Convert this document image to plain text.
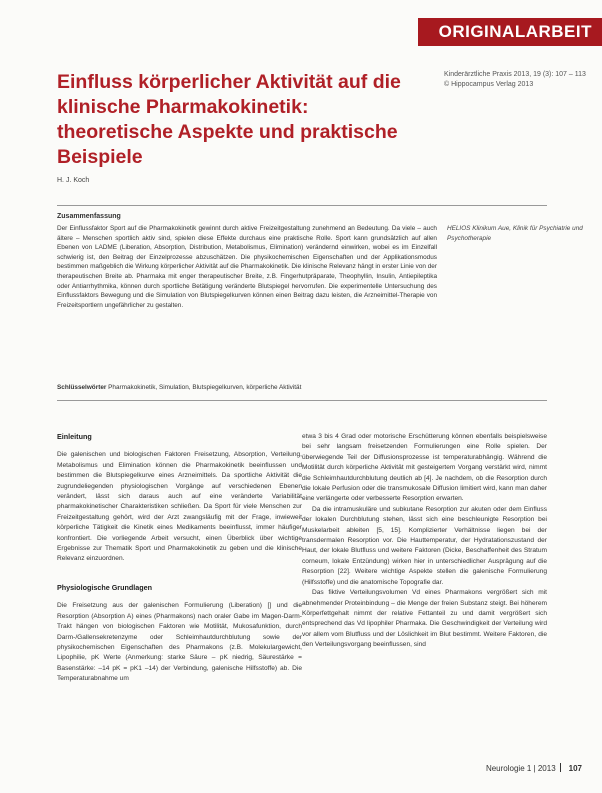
ORIGINALARBEIT
Einfluss körperlicher Aktivität auf die klinische Pharmakokinetik: theoretische Aspekte und praktische Beispiele
Kinderärztliche Praxis 2013, 19 (3): 107 – 113
© Hippocampus Verlag 2013
H. J. Koch
Zusammenfassung
Der Einflussfaktor Sport auf die Pharmakokinetik gewinnt durch aktive Freizeitgestaltung zunehmend an Bedeutung. Da viele – auch ältere – Menschen sportlich aktiv sind, spielen diese Effekte durchaus eine praktische Rolle. Sport kann grundsätzlich auf allen Ebenen von LADME (Liberation, Absorption, Distribution, Metabolismus, Elimination) verändernd einwirken, wobei es im Einzelfall schwierig ist, den Beitrag der Einzelprozesse abzuschätzen. Die physikochemischen Eigenschaften und der Applikationsmodus bestimmen maßgeblich die Wirkung körperlicher Aktivität auf die Pharmakokinetik. Die klinische Relevanz hängt in erster Linie von der therapeutischen Breite ab. Pharmaka mit enger therapeutischer Breite, z.B. Fingerhutpräparate, Theophyllin, Insulin, Antiepileptika oder Antiarrhythmika, können durch sportliche Betätigung veränderte Blutspiegel hervorrufen. Die experimentelle Untersuchung des Einflussfaktors Bewegung und die Simulation von Blutspiegelkurven können einen Beitrag dazu leisten, die Arzneimittel-Therapie von Freizeitsportlern ungefährlicher zu gestalten.
HELIOS Klinikum Aue, Klinik für Psychiatrie und Psychotherapie
Schlüsselwörter Pharmakokinetik, Simulation, Blutspiegelkurven, körperliche Aktivität
Einleitung

Die galenischen und biologischen Faktoren Freisetzung, Absorption, Verteilung, Metabolismus und Elimination können die Pharmakokinetik beeinflussen und bestimmen die Blutspiegelkurve eines Arzneimittels. Da sportliche Aktivität die zugrundeliegenden physiologischen Vorgänge auf verschiedenen Ebenen verändert, lässt sich daraus auch auf eine veränderte Variabilität pharmakokinetischer Charakteristiken schließen. Da Sport für viele Menschen zur Freizeitgestaltung gehört, wird der Arzt zwangsläufig mit der Frage, inwieweit körperliche Tätigkeit die Kinetik eines Medikaments beeinflusst, immer häufiger konfrontiert. Die vorliegende Arbeit versucht, einen Überblick über wichtige Ergebnisse zur Thematik Sport und Pharmakokinetik zu geben und die klinische Relevanz einzuordnen.

Physiologische Grundlagen

Die Freisetzung aus der galenischen Formulierung (Liberation) [] und die Resorption (Absorption A) eines (Pharmakons) nach oraler Gabe im Magen-Darm-Trakt hängen von biologischen Faktoren wie Motilität, Mukosafunktion, durch Darm-/Gallensekretenzyme oder Schleimhautdurchblutung sowie der physikochemischen Eigenschaften des Pharmakons (z.B. Molekulargewicht, Lipophilie, pK Werte (Anmerkung: starke Säure – pK niedrig, Säurestärke = Basenstärke: –14 pK = pK1 –14) der Verbindung, galenische Hilfsstoffe) ab. Die Temperaturabnahme um

etwa 3 bis 4 Grad oder motorische Erschütterung können ebenfalls beispielsweise bei sehr langsam freisetzenden Formulierungen eine Rolle spielen. Der überwiegende Teil der Diffusionsprozesse ist temperaturabhängig. Während die Motilität durch körperliche Aktivität mit gesteigertem Vorgang verstärkt wird, nimmt die Schleimhautdurchblutung deutlich ab [4]. Je nachdem, ob die Resorption durch die lokale Perfusion oder die transmukosale Diffusion limitiert wird, kann man daher eine verlängerte oder verbesserte Resorption erwarten.

Da die intramuskuläre und subkutane Resorption zur akuten oder dem Einfluss der lokalen Durchblutung stehen, lässt sich eine beschleunigte Resorption bei Muskelarbeit ableiten [5, 15]. Komplizierter Verhältnisse liegen bei der transdermalen Resorption vor. Die Hauttemperatur, der Hydratationszustand der Haut, der lokale Blutfluss und weitere Faktoren (Dicke, Beschaffenheit des Stratum corneum, lokale Entzündung) wirken hier in unterschiedlicher Ausprägung auf die Resorption [22]. Weitere wichtige Aspekte stellen die galenische Formulierung (Hilfsstoffe) und die anatomische Topografie dar.

Das fiktive Verteilungsvolumen Vd eines Pharmakons vergrößert sich mit abnehmender Proteinbindung – die Menge der freien Substanz steigt. Bei höherem Körperfettgehalt nimmt der relative Fettanteil zu und damit vergrößert sich entsprechend das Vd lipophiler Pharmaka. Die Geschwindigkeit der Verteilung wird vor allem vom Blutfluss und der Löslichkeit im Blut bestimmt. Weitere Faktoren, die den Verteilungsvorgang beeinflussen, sind

Neurologie 1 | 2013 107
